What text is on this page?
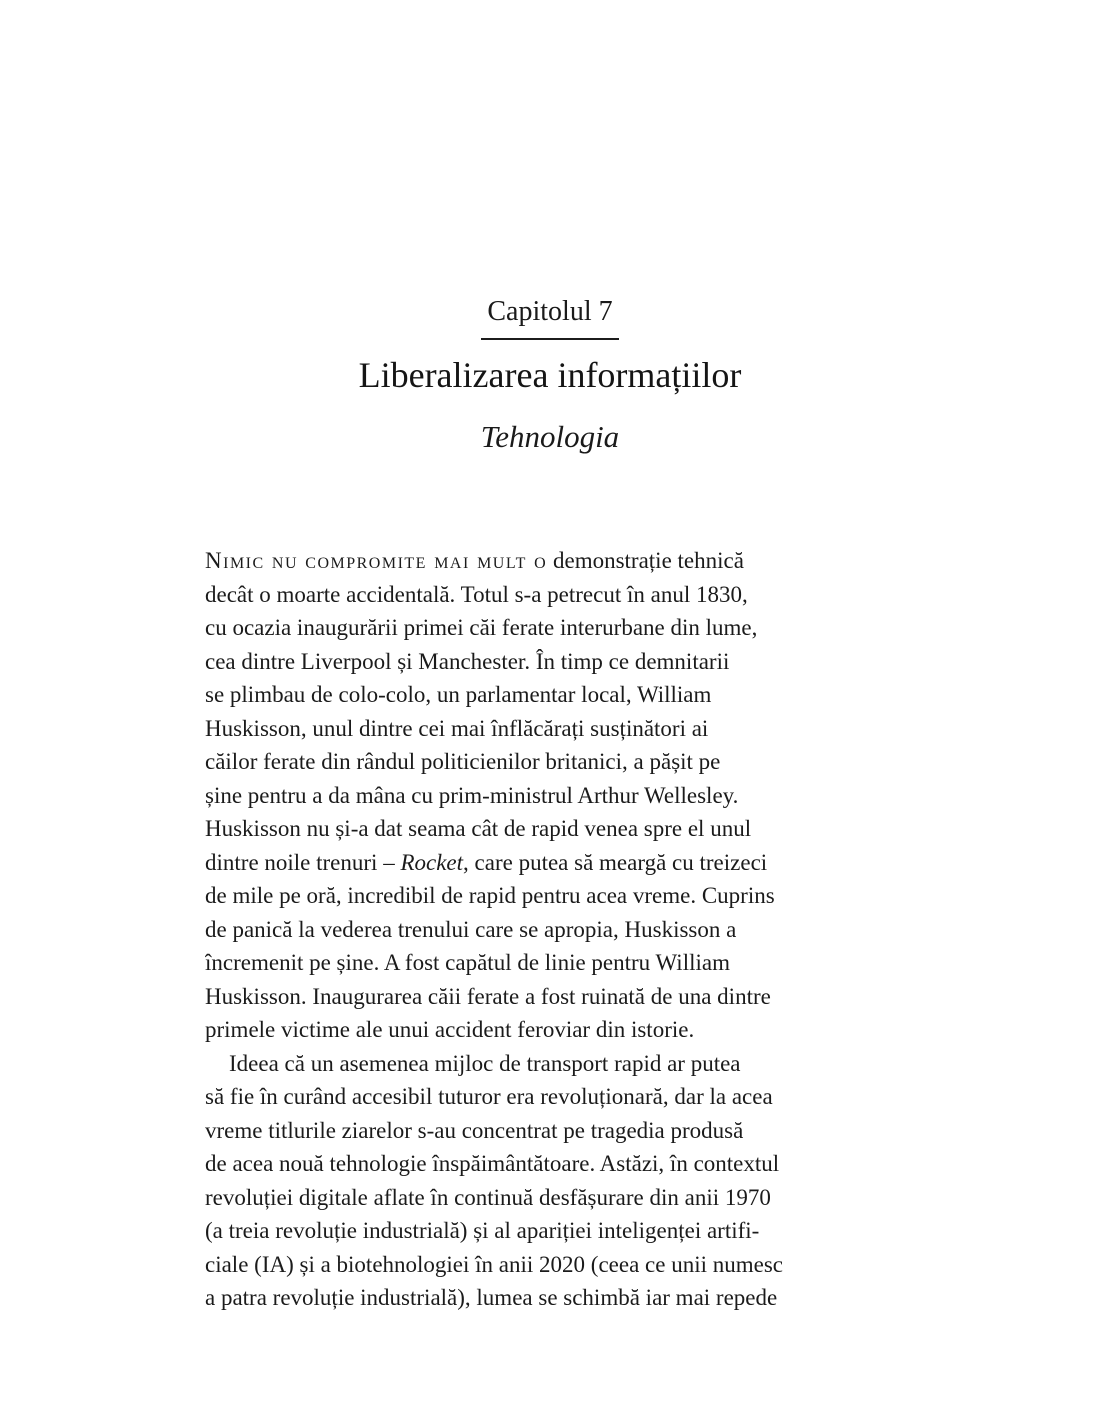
Capitolul 7
Liberalizarea informațiilor
Tehnologia
Nimic nu compromite mai mult o demonstrație tehnică
decât o moarte accidentală. Totul s-a petrecut în anul 1830,
cu ocazia inaugurării primei căi ferate interurbane din lume,
cea dintre Liverpool și Manchester. În timp ce demnitarii
se plimbau de colo-colo, un parlamentar local, William
Huskisson, unul dintre cei mai înflăcărați susținători ai
căilor ferate din rândul politicienilor britanici, a pășit pe
șine pentru a da mâna cu prim-ministrul Arthur Wellesley.
Huskisson nu și-a dat seama cât de rapid venea spre el unul
dintre noile trenuri – Rocket, care putea să meargă cu treizeci
de mile pe oră, incredibil de rapid pentru acea vreme. Cuprins
de panică la vederea trenului care se apropia, Huskisson a
încremenit pe șine. A fost capătul de linie pentru William
Huskisson. Inaugurarea căii ferate a fost ruinată de una dintre
primele victime ale unui accident feroviar din istorie.
Ideea că un asemenea mijloc de transport rapid ar putea
să fie în curând accesibil tuturor era revoluționară, dar la acea
vreme titlurile ziarelor s-au concentrat pe tragedia produsă
de acea nouă tehnologie înspăimântătoare. Astăzi, în contextul
revoluției digitale aflate în continuă desfășurare din anii 1970
(a treia revoluție industrială) și al apariției inteligenței artifi-
ciale (IA) și a biotehnologiei în anii 2020 (ceea ce unii numesc
a patra revoluție industrială), lumea se schimbă iar mai repede
